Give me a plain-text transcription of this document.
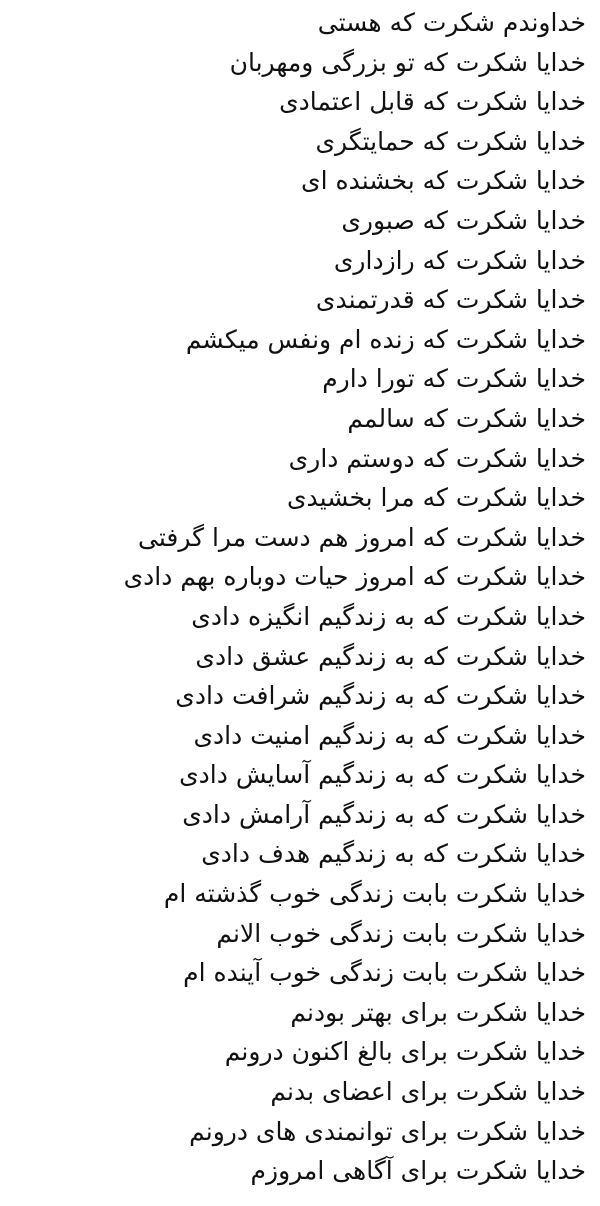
خداوندم شکرت که هستی
خدایا شکرت که تو بزرگی ومهربان
خدایا شکرت که قابل اعتمادی
خدایا شکرت که حمایتگری
خدایا شکرت که بخشنده ای
خدایا شکرت که صبوری
خدایا شکرت که رازداری
خدایا شکرت که قدرتمندی
خدایا شکرت که زنده ام ونفس میکشم
خدایا شکرت که تورا دارم
خدایا شکرت که سالمم
خدایا شکرت که دوستم داری
خدایا شکرت که مرا بخشیدی
خدایا شکرت که امروز هم دست مرا گرفتی
خدایا شکرت که امروز حیات دوباره بهم دادی
خدایا شکرت که به زندگیم انگیزه دادی
خدایا شکرت که به زندگیم عشق دادی
خدایا شکرت که به زندگیم شرافت دادی
خدایا شکرت که به زندگیم امنیت دادی
خدایا شکرت که به زندگیم آسایش دادی
خدایا شکرت که به زندگیم آرامش دادی
خدایا شکرت که به زندگیم هدف دادی
خدایا شکرت بابت زندگی خوب گذشته ام
خدایا شکرت بابت زندگی خوب الانم
خدایا شکرت بابت زندگی خوب آینده ام
خدایا شکرت برای بهتر بودنم
خدایا شکرت برای بالغ اکنون درونم
خدایا شکرت برای اعضای بدنم
خدایا شکرت برای توانمندی های درونم
خدایا شکرت برای آگاهی امروزم
